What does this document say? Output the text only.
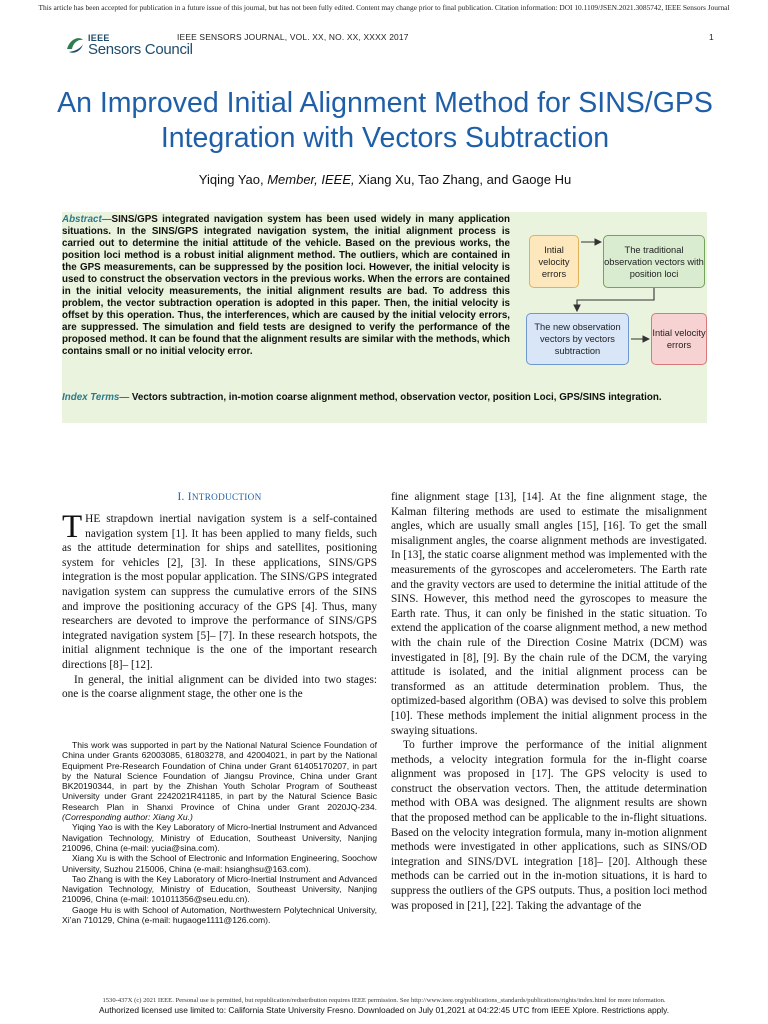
This article has been accepted for publication in a future issue of this journal, but has not been fully edited. Content may change prior to final publication. Citation information: DOI 10.1109/JSEN.2021.3085742, IEEE Sensors Journal
IEEE
Sensors Council
IEEE SENSORS JOURNAL, VOL. XX, NO. XX, XXXX 2017	1
An Improved Initial Alignment Method for SINS/GPS Integration with Vectors Subtraction
Yiqing Yao, Member, IEEE, Xiang Xu, Tao Zhang, and Gaoge Hu
Abstract—SINS/GPS integrated navigation system has been used widely in many application situations. In the SINS/GPS integrated navigation system, the initial alignment process is carried out to determine the initial attitude of the vehicle. Based on the previous works, the position loci method is a robust initial alignment method. The outliers, which are contained in the GPS measurements, can be suppressed by the position loci. However, the initial velocity is used to construct the observation vectors in the previous works. When the errors are contained in the initial velocity measurements, the initial alignment results are bad. To address this problem, the vector subtraction operation is adopted in this paper. Then, the initial velocity is offset by this operation. Thus, the interferences, which are caused by the initial velocity errors, are suppressed. The simulation and field tests are designed to verify the performance of the proposed method. It can be found that the alignment results are similar with the methods, which contains small or no initial velocity error.
Intial velocity errors
The traditional observation vectors with position loci
The new observation vectors by vectors subtraction
Intial velocity errors
Index Terms— Vectors subtraction, in-motion coarse alignment method, observation vector, position Loci, GPS/SINS integration.
I. INTRODUCTION

THE strapdown inertial navigation system is a self-contained navigation system [1]. It has been applied to many fields, such as the attitude determination for ships and satellites, positioning system for vehicles [2], [3]. In these applications, SINS/GPS integration is the most popular application. The SINS/GPS integrated navigation system can suppress the cumulative errors of the SINS and improve the positioning accuracy of the GPS [4]. Thus, many researchers are devoted to improve the performance of SINS/GPS integrated navigation system [5]– [7]. In these research hotspots, the initial alignment technique is the one of the important research directions [8]– [12].

In general, the initial alignment can be divided into two stages: one is the coarse alignment stage, the other one is the

This work was supported in part by the National Natural Science Foundation of China under Grants 62003085, 61803278, and 42004021, in part by the National Equipment Pre-Research Foundation of China under Grant 61405170207, in part by the Natural Science Foundation of Jiangsu Province, China under Grant BK20190344, in part by the Zhishan Youth Scholar Program of Southeast University under Grant 2242021R41185, in part by the Natural Science Basic Research Plan in Shanxi Province of China under Grant 2020JQ-234.(Corresponding author: Xiang Xu.)

Yiqing Yao is with the Key Laboratory of Micro-Inertial Instrument and Advanced Navigation Technology, Ministry of Education, Southeast University, Nanjing 210096, China (e-mail: yucia@sina.com).

Xiang Xu is with the School of Electronic and Information Engineering, Soochow University, Suzhou 215006, China (e-mail: hsianghsu@163.com).

Tao Zhang is with the Key Laboratory of Micro-Inertial Instrument and Advanced Navigation Technology, Ministry of Education, Southeast University, Nanjing 210096, China (e-mail: 101011356@seu.edu.cn).

Gaoge Hu is with School of Automation, Northwestern Polytechnical University, Xi’an 710129, China (e-mail: hugaoge1111@126.com).

fine alignment stage [13], [14]. At the fine alignment stage, the Kalman filtering methods are used to estimate the misalignment angles, which are usually small angles [15], [16]. To get the small misalignment angles, the coarse alignment methods are investigated. In [13], the static coarse alignment method was implemented with the measurements of the gyroscopes and accelerometers. The Earth rate and the gravity vectors are used to determine the initial attitude of the SINS. However, this method need the gyroscopes to measure the Earth rate. Thus, it can only be finished in the static situation. To extend the application of the coarse alignment method, a new method with the chain rule of the Direction Cosine Matrix (DCM) was investigated in [8], [9]. By the chain rule of the DCM, the varying attitude is isolated, and the initial alignment process can be transformed as an attitude determination problem. Thus, the optimized-based algorithm (OBA) was devised to solve this problem [10]. These methods implement the initial alignment process in the swaying situations.

To further improve the performance of the initial alignment methods, a velocity integration formula for the in-flight coarse alignment was proposed in [17]. The GPS velocity is used to construct the observation vectors. Then, the attitude determination method with OBA was designed. The alignment results are shown that the proposed method can be applicable to the in-flight situations. Based on the velocity integration formula, many in-motion alignment methods were investigated in other applications, such as SINS/OD integration and SINS/DVL integration [18]– [20]. Although these methods can be carried out in the in-motion situations, it is hard to suppress the outliers of the GPS outputs. Thus, a position loci method was proposed in [21], [22]. Taking the advantage of the

1530-437X (c) 2021 IEEE. Personal use is permitted, but republication/redistribution requires IEEE permission. See http://www.ieee.org/publications_standards/publications/rights/index.html for more information.
Authorized licensed use limited to: California State University Fresno. Downloaded on July 01,2021 at 04:22:45 UTC from IEEE Xplore. Restrictions apply.
